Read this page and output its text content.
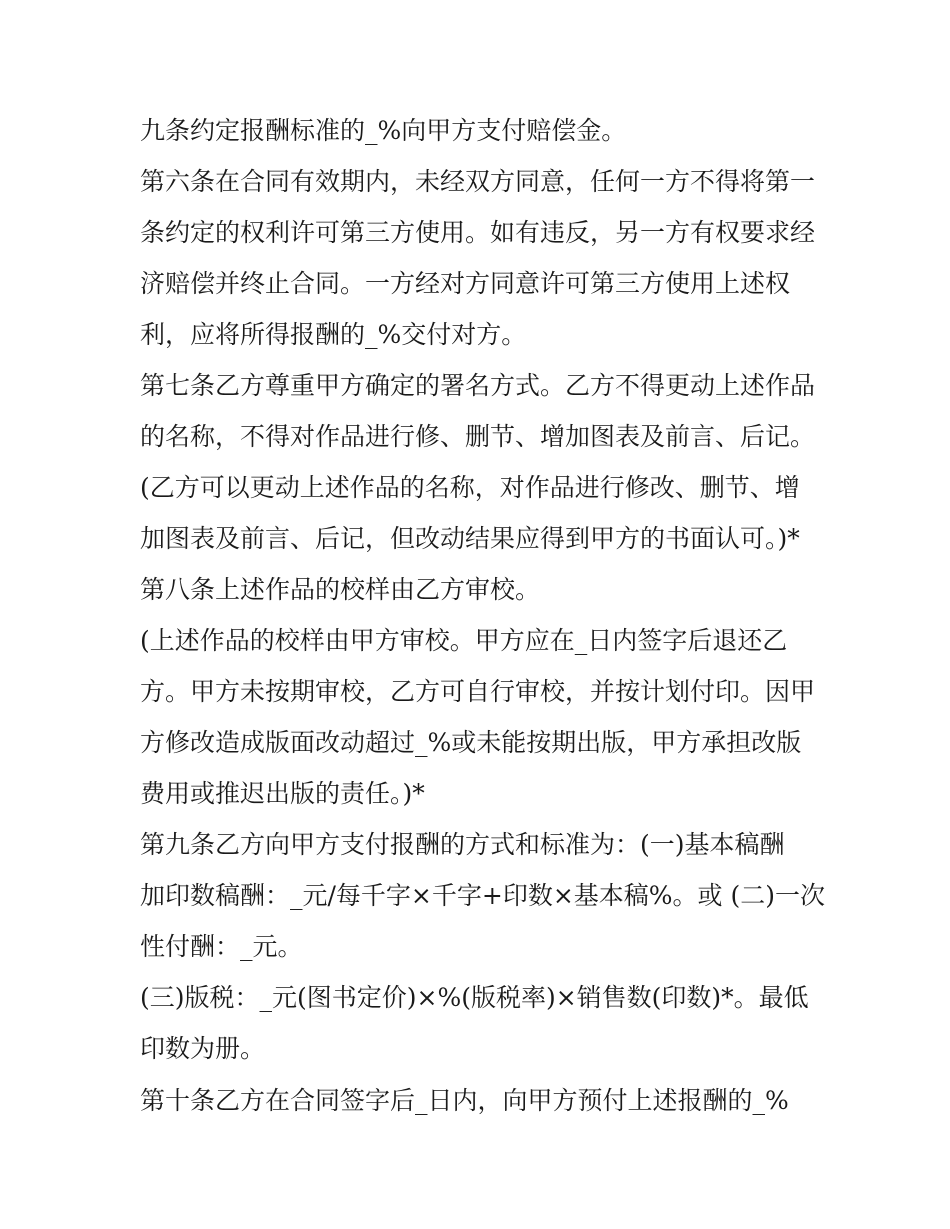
九条约定报酬标准的_%向甲方支付赔偿金。
第六条在合同有效期内，未经双方同意，任何一方不得将第一
条约定的权利许可第三方使用。如有违反，另一方有权要求经
济赔偿并终止合同。一方经对方同意许可第三方使用上述权
利，应将所得报酬的_%交付对方。
第七条乙方尊重甲方确定的署名方式。乙方不得更动上述作品
的名称，不得对作品进行修、删节、增加图表及前言、后记。
(乙方可以更动上述作品的名称，对作品进行修改、删节、增
加图表及前言、后记，但改动结果应得到甲方的书面认可。)*
第八条上述作品的校样由乙方审校。
(上述作品的校样由甲方审校。甲方应在_日内签字后退还乙
方。甲方未按期审校，乙方可自行审校，并按计划付印。因甲
方修改造成版面改动超过_%或未能按期出版，甲方承担改版
费用或推迟出版的责任。)*
第九条乙方向甲方支付报酬的方式和标准为：(一)基本稿酬
加印数稿酬：_元/每千字×千字+印数×基本稿%。或 (二)一次
性付酬：_元。
(三)版税：_元(图书定价)×%(版税率)×销售数(印数)*。最低
印数为册。
第十条乙方在合同签字后_日内，向甲方预付上述报酬的_%
